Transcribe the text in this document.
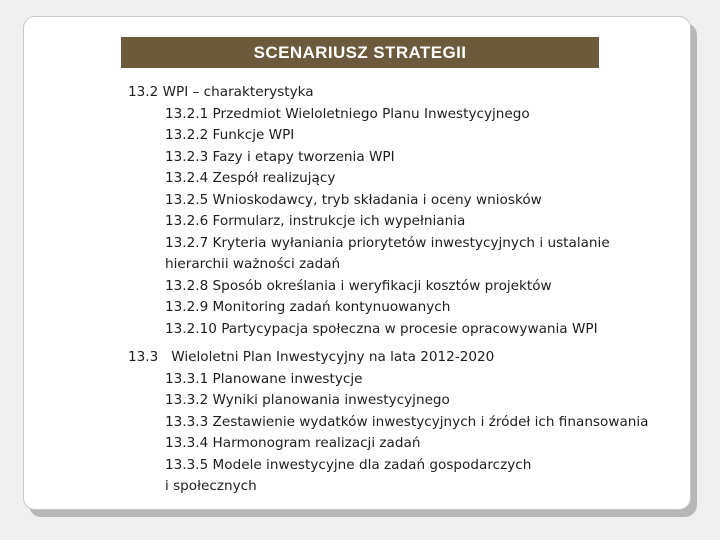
SCENARIUSZ STRATEGII
13.2 WPI – charakterystyka
13.2.1 Przedmiot Wieloletniego Planu Inwestycyjnego
13.2.2 Funkcje WPI
13.2.3 Fazy i etapy tworzenia WPI
13.2.4 Zespół realizujący
13.2.5 Wnioskodawcy, tryb składania i oceny wniosków
13.2.6 Formularz, instrukcje ich wypełniania
13.2.7 Kryteria wyłaniania priorytetów inwestycyjnych i ustalanie
hierarchii ważności zadań
13.2.8 Sposób określania i weryfikacji kosztów projektów
13.2.9 Monitoring zadań kontynuowanych
13.2.10 Partycypacja społeczna w procesie opracowywania WPI
13.3   Wieloletni Plan Inwestycyjny na lata 2012-2020
13.3.1 Planowane inwestycje
13.3.2 Wyniki planowania inwestycyjnego
13.3.3 Zestawienie wydatków inwestycyjnych i źródeł ich finansowania
13.3.4 Harmonogram realizacji zadań
13.3.5 Modele inwestycyjne dla zadań gospodarczych
i społecznych
